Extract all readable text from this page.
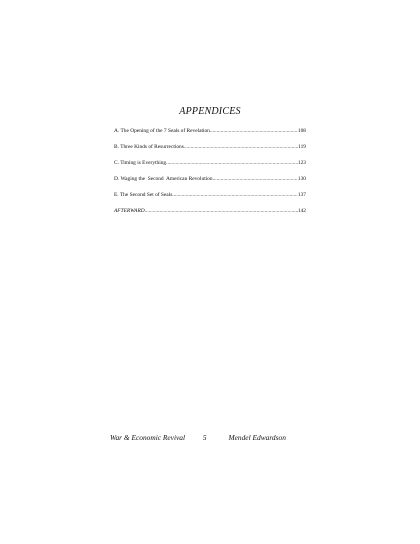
APPENDICES
A. The Opening of the 7 Seals of Revelation .....	108
B. Three Kinds of Resurrections .....	119
C. Timing is Everything .....	123
D. Waging the  Second  American Revolution .....	130
E. The Second Set of Seals .....	137
AFTERWARD .....	142
War & Economic Revival 5	Mendel Edwardson
